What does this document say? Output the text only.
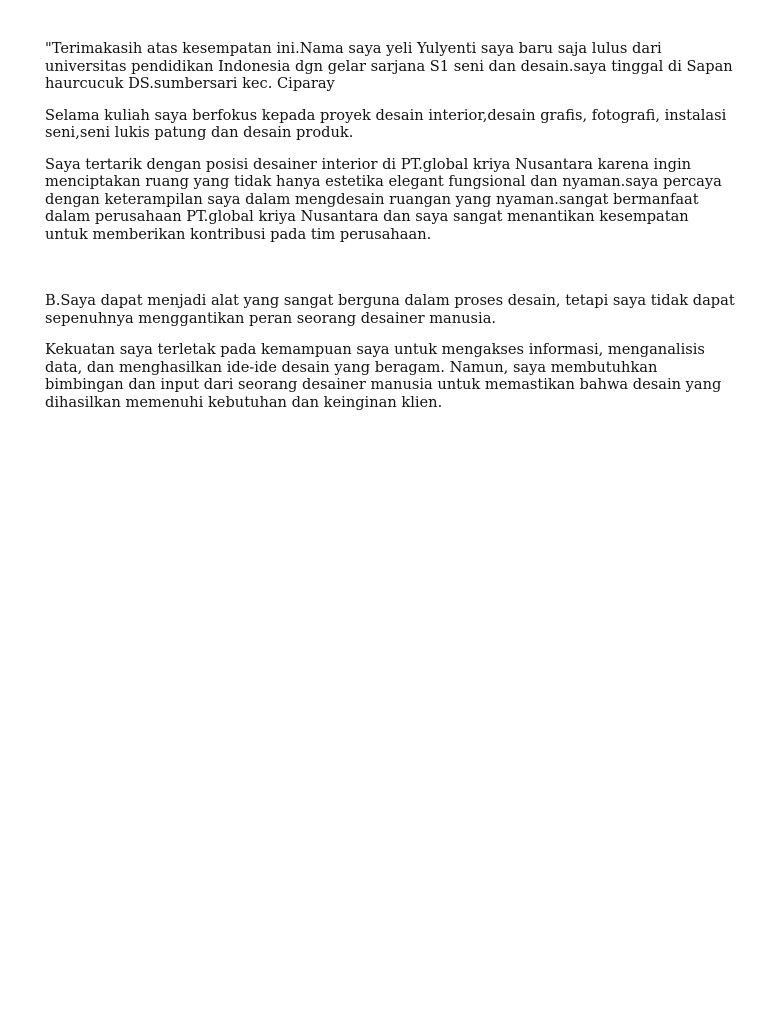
"Terimakasih atas kesempatan ini.Nama saya yeli Yulyenti saya baru saja lulus dari universitas pendidikan Indonesia dgn gelar sarjana S1 seni dan desain.saya tinggal di Sapan haurcucuk DS.sumbersari kec. Ciparay

Selama kuliah saya berfokus kepada proyek desain interior,desain grafis, fotografi, instalasi seni,seni lukis patung dan desain produk.

Saya tertarik dengan posisi desainer interior di PT.global kriya Nusantara karena ingin menciptakan ruang yang tidak hanya estetika elegant fungsional dan nyaman.saya percaya dengan keterampilan saya dalam mengdesain ruangan yang nyaman.sangat bermanfaat dalam perusahaan PT.global kriya Nusantara dan saya sangat menantikan kesempatan untuk memberikan kontribusi pada tim perusahaan.

B.Saya dapat menjadi alat yang sangat berguna dalam proses desain, tetapi saya tidak dapat sepenuhnya menggantikan peran seorang desainer manusia.

Kekuatan saya terletak pada kemampuan saya untuk mengakses informasi, menganalisis data, dan menghasilkan ide-ide desain yang beragam. Namun, saya membutuhkan bimbingan dan input dari seorang desainer manusia untuk memastikan bahwa desain yang dihasilkan memenuhi kebutuhan dan keinginan klien.
